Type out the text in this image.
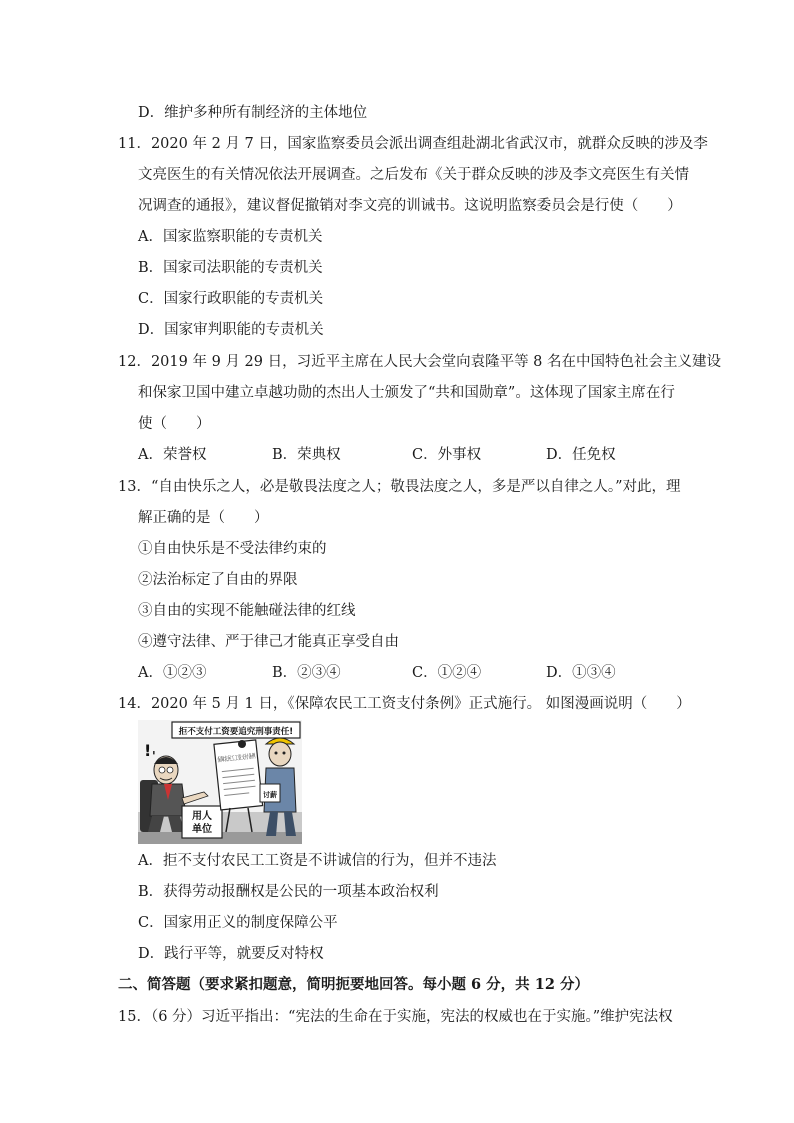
D．维护多种所有制经济的主体地位
11．2020 年 2 月 7 日，国家监察委员会派出调查组赴湖北省武汉市，就群众反映的涉及李
文亮医生的有关情况依法开展调查。之后发布《关于群众反映的涉及李文亮医生有关情
况调查的通报》，建议督促撤销对李文亮的训诫书。这说明监察委员会是行使（　　）
A．国家监察职能的专责机关
B．国家司法职能的专责机关
C．国家行政职能的专责机关
D．国家审判职能的专责机关
12．2019 年 9 月 29 日，习近平主席在人民大会堂向袁隆平等 8 名在中国特色社会主义建设
和保家卫国中建立卓越功勋的杰出人士颁发了“共和国勋章”。这体现了国家主席在行
使（　　）
A．荣誉权	B．荣典权	C．外事权	D．任免权
13．“自由快乐之人，必是敬畏法度之人；敬畏法度之人，多是严以自律之人。”对此，理
解正确的是（　　）
①自由快乐是不受法律约束的
②法治标定了自由的界限
③自由的实现不能触碰法律的红线
④遵守法律、严于律己才能真正享受自由
A．①②③	B．②③④	C．①②④	D．①③④
14．2020 年 5 月 1 日，《保障农民工工资支付条例》正式施行。 如图漫画说明（　　）
拒不支付工资要追究刑事责任!
! '
用人
单位
保障农民工工资支付条例
讨薪
A．拒不支付农民工工资是不讲诚信的行为，但并不违法
B．获得劳动报酬权是公民的一项基本政治权利
C．国家用正义的制度保障公平
D．践行平等，就要反对特权
二、简答题（要求紧扣题意，简明扼要地回答。每小题 6 分，共 12 分）
15．（6 分）习近平指出：“宪法的生命在于实施，宪法的权威也在于实施。”维护宪法权
